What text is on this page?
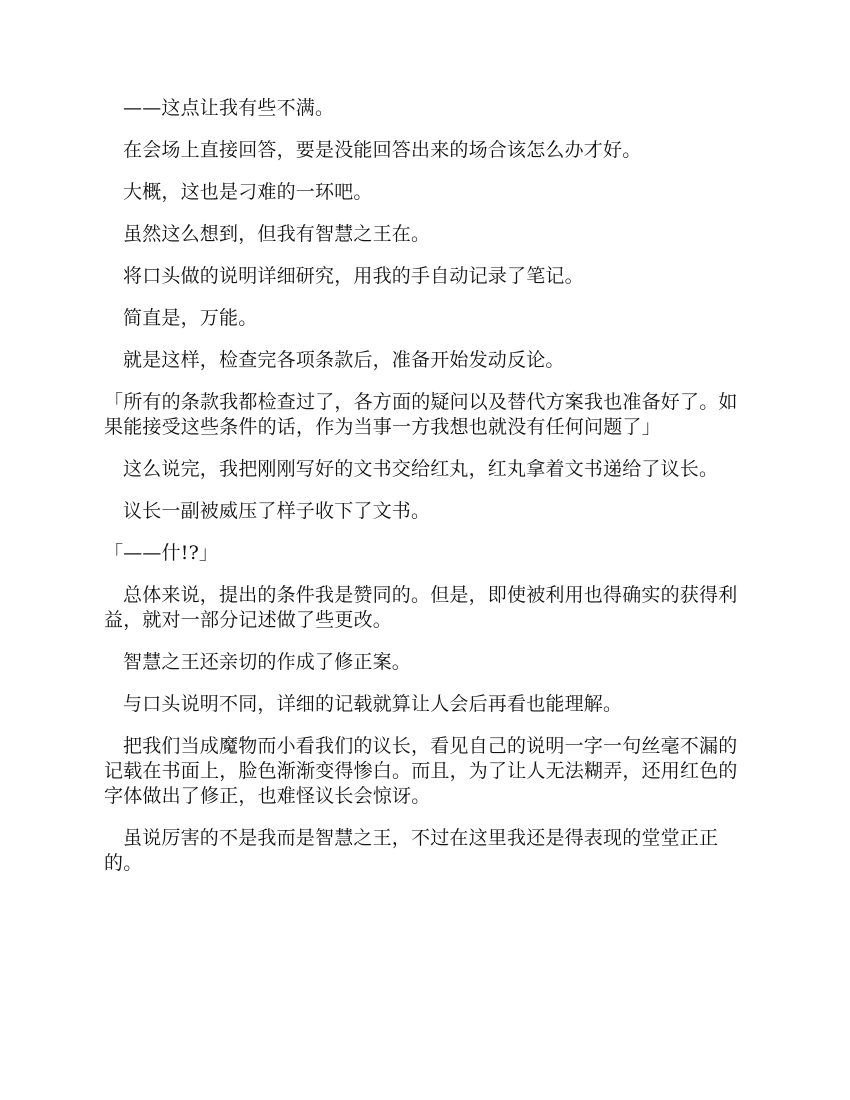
——这点让我有些不满。

在会场上直接回答，要是没能回答出来的场合该怎么办才好。

大概，这也是刁难的一环吧。

虽然这么想到，但我有智慧之王在。

将口头做的说明详细研究，用我的手自动记录了笔记。

简直是，万能。

就是这样，检查完各项条款后，准备开始发动反论。

「所有的条款我都检查过了，各方面的疑问以及替代方案我也准备好了。如果能接受这些条件的话，作为当事一方我想也就没有任何问题了」

这么说完，我把刚刚写好的文书交给红丸，红丸拿着文书递给了议长。

议长一副被威压了样子收下了文书。

「——什!?」

总体来说，提出的条件我是赞同的。但是，即使被利用也得确实的获得利益，就对一部分记述做了些更改。

智慧之王还亲切的作成了修正案。

与口头说明不同，详细的记载就算让人会后再看也能理解。

把我们当成魔物而小看我们的议长，看见自己的说明一字一句丝毫不漏的记载在书面上，脸色渐渐变得惨白。而且，为了让人无法糊弄，还用红色的字体做出了修正，也难怪议长会惊讶。

虽说厉害的不是我而是智慧之王，不过在这里我还是得表现的堂堂正正的。
